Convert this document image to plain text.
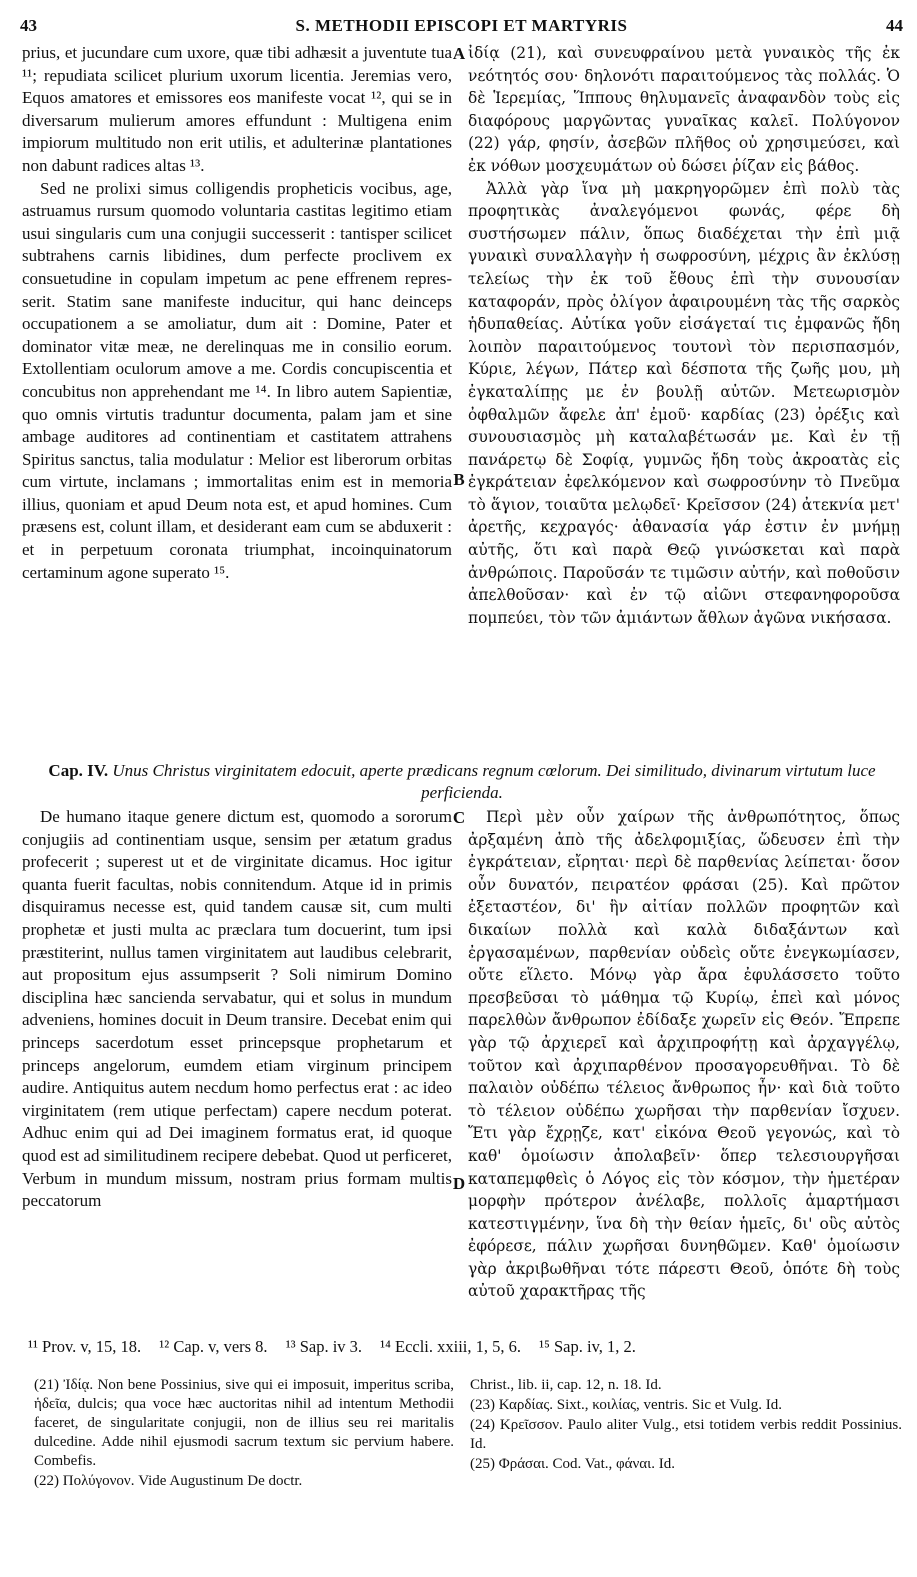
43	S. METHODII EPISCOPI ET MARTYRIS	44

prius, et jucundare cum uxore, quæ tibi adhæsit a juventute tua ¹¹; repudiata scilicet plurium uxorum licentia. Jeremias vero, Equos amatores et emissores eos manifeste vocat ¹², qui se in diversarum mulierum amores effundunt : Multigena enim impiorum multitudo non erit utilis, et adulterinæ plantationes non dabunt radices altas ¹³.

Sed ne prolixi simus colligendis propheticis vocibus, age, astruamus rursum quomodo voluntaria castitas legitimo etiam usui singularis cum una conjugii successerit : tantisper scilicet subtrahens carnis libidines, dum perfecte proclivem ex consuetudine in copulam impetum ac pene effrenem repres-serit. Statim sane manifeste inducitur, qui hanc deinceps occupationem a se amoliatur, dum ait : Domine, Pater et dominator vitæ meæ, ne derelinquas me in consilio eorum. Extollentiam oculorum amove a me. Cordis concupiscentia et concubitus non apprehendant me ¹⁴. In libro autem Sapientiæ, quo omnis virtutis traduntur documenta, palam jam et sine ambage auditores ad continentiam et castitatem attrahens Spiritus sanctus, talia modulatur : Melior est liberorum orbitas cum virtute, inclamans ; immortalitas enim est in memoria illius, quoniam et apud Deum nota est, et apud homines. Cum præsens est, colunt illam, et desiderant eam cum se abduxerit : et in perpetuum coronata triumphat, incoinquinatorum certaminum agone superato ¹⁵.

A
B

ἰδίᾳ (21), καὶ συνευφραίνου μετὰ γυναικὸς τῆς ἐκ νεότητός σου· δηλονότι παραιτούμενος τὰς πολλάς. Ὁ δὲ Ἱερεμίας, Ἵππους θηλυμανεῖς ἀναφανδὸν τοὺς εἰς διαφόρους μαργῶντας γυναῖκας καλεῖ. Πολύγονον (22) γάρ, φησίν, ἀσεβῶν πλῆθος οὐ χρησιμεύσει, καὶ ἐκ νόθων μοσχευμάτων οὐ δώσει ῥίζαν εἰς βάθος.

Ἀλλὰ γὰρ ἵνα μὴ μακρηγορῶμεν ἐπὶ πολὺ τὰς προφητικὰς ἀναλεγόμενοι φωνάς, φέρε δὴ συστήσωμεν πάλιν, ὅπως διαδέχεται τὴν ἐπὶ μιᾷ γυναικὶ συναλλαγὴν ἡ σωφροσύνη, μέχρις ἂν ἐκλύσῃ τελείως τὴν ἐκ τοῦ ἔθους ἐπὶ τὴν συνουσίαν καταφοράν, πρὸς ὀλίγον ἀφαιρουμένη τὰς τῆς σαρκὸς ἡδυπαθείας. Αὐτίκα γοῦν εἰσάγεταί τις ἐμφανῶς ἤδη λοιπὸν παραιτούμενος τουτονὶ τὸν περισπασμόν, Κύριε, λέγων, Πάτερ καὶ δέσποτα τῆς ζωῆς μου, μὴ ἐγκαταλίπῃς με ἐν βουλῇ αὐτῶν. Μετεωρισμὸν ὀφθαλμῶν ἄφελε ἀπ' ἐμοῦ· καρδίας (23) ὀρέξις καὶ συνουσιασμὸς μὴ καταλαβέτωσάν με. Καὶ ἐν τῇ πανάρετῳ δὲ Σοφίᾳ, γυμνῶς ἤδη τοὺς ἀκροατὰς εἰς ἐγκράτειαν ἐφελκόμενον καὶ σωφροσύνην τὸ Πνεῦμα τὸ ἅγιον, τοιαῦτα μελῳδεῖ· Κρεῖσσον (24) ἀτεκνία μετ' ἀρετῆς, κεχραγός· ἀθανασία γάρ ἐστιν ἐν μνήμῃ αὐτῆς, ὅτι καὶ παρὰ Θεῷ γινώσκεται καὶ παρὰ ἀνθρώποις. Παροῦσάν τε τιμῶσιν αὐτήν, καὶ ποθοῦσιν ἀπελθοῦσαν· καὶ ἐν τῷ αἰῶνι στεφανηφοροῦσα πομπεύει, τὸν τῶν ἀμιάντων ἄθλων ἀγῶνα νικήσασα.

Cap. IV. Unus Christus virginitatem edocuit, aperte prædicans regnum cœlorum. Dei similitudo, divinarum virtutum luce perficienda.

De humano itaque genere dictum est, quomodo a sororum conjugiis ad continentiam usque, sensim per ætatum gradus profecerit ; superest ut et de virginitate dicamus. Hoc igitur quanta fuerit facultas, nobis connitendum. Atque id in primis disquiramus necesse est, quid tandem causæ sit, cum multi prophetæ et justi multa ac præclara tum docuerint, tum ipsi præstiterint, nullus tamen virginitatem aut laudibus celebrarit, aut propositum ejus assumpserit ? Soli nimirum Domino disciplina hæc sancienda servabatur, qui et solus in mundum adveniens, homines docuit in Deum transire. Decebat enim qui princeps sacerdotum esset princepsque prophetarum et princeps angelorum, eumdem etiam virginum principem audire. Antiquitus autem necdum homo perfectus erat : ac ideo virginitatem (rem utique perfectam) capere necdum poterat. Adhuc enim qui ad Dei imaginem formatus erat, id quoque quod est ad similitudinem recipere debebat. Quod ut perficeret, Verbum in mundum missum, nostram prius formam multis peccatorum

C
D

Περὶ μὲν οὖν χαίρων τῆς ἀνθρωπότητος, ὅπως ἀρξαμένη ἀπὸ τῆς ἀδελφομιξίας, ὥδευσεν ἐπὶ τὴν ἐγκράτειαν, εἴρηται· περὶ δὲ παρθενίας λείπεται· ὅσον οὖν δυνατόν, πειρατέον φράσαι (25). Καὶ πρῶτον ἐξεταστέον, δι' ἣν αἰτίαν πολλῶν προφητῶν καὶ δικαίων πολλὰ καὶ καλὰ διδαξάντων καὶ ἐργασαμένων, παρθενίαν οὐδεὶς οὔτε ἐνεγκωμίασεν, οὔτε εἵλετο. Μόνῳ γὰρ ἄρα ἐφυλάσσετο τοῦτο πρεσβεῦσαι τὸ μάθημα τῷ Κυρίῳ, ἐπεὶ καὶ μόνος παρελθὼν ἄνθρωπον ἐδίδαξε χωρεῖν εἰς Θεόν. Ἔπρεπε γὰρ τῷ ἀρχιερεῖ καὶ ἀρχιπροφήτῃ καὶ ἀρχαγγέλῳ, τοῦτον καὶ ἀρχιπαρθένον προσαγορευθῆναι. Τὸ δὲ παλαιὸν οὐδέπω τέλειος ἄνθρωπος ἦν· καὶ διὰ τοῦτο τὸ τέλειον οὐδέπω χωρῆσαι τὴν παρθενίαν ἴσχυεν. Ἔτι γὰρ ἔχρῃζε, κατ' εἰκόνα Θεοῦ γεγονώς, καὶ τὸ καθ' ὁμοίωσιν ἀπολαβεῖν· ὅπερ τελεσιουργῆσαι καταπεμφθεὶς ὁ Λόγος εἰς τὸν κόσμον, τὴν ἡμετέραν μορφὴν πρότερον ἀνέλαβε, πολλοῖς ἁμαρτήμασι κατεστιγμένην, ἵνα δὴ τὴν θείαν ἡμεῖς, δι' οὓς αὐτὸς ἐφόρεσε, πάλιν χωρῆσαι δυνηθῶμεν. Καθ' ὁμοίωσιν γὰρ ἀκριβωθῆναι τότε πάρεστι Θεοῦ, ὁπότε δὴ τοὺς αὐτοῦ χαρακτῆρας τῆς

¹¹ Prov. v, 15, 18. ¹² Cap. v, vers 8. ¹³ Sap. iv 3. ¹⁴ Eccli. xxiii, 1, 5, 6. ¹⁵ Sap. iv, 1, 2.

(21) Ἰδίᾳ. Non bene Possinius, sive qui ei imposuit, imperitus scriba, ἡδεῖα, dulcis; qua voce hæc auctoritas nihil ad intentum Methodii faceret, de singularitate conjugii, non de illius seu rei maritalis dulcedine. Adde nihil ejusmodi sacrum textum sic pervium habere. Combefis.

(22) Πολύγονον. Vide Augustinum De doctr.

Christ., lib. ii, cap. 12, n. 18. Id.

(23) Καρδίας. Sixt., κοιλίας, ventris. Sic et Vulg. Id.

(24) Κρεῖσσον. Paulo aliter Vulg., etsi totidem verbis reddit Possinius. Id.

(25) Φράσαι. Cod. Vat., φάναι. Id.
